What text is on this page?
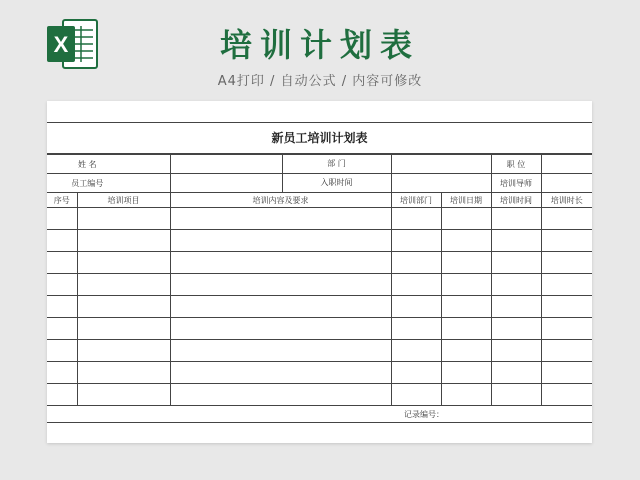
X	培训计划表
A4打印 / 自动公式 / 内容可修改
新员工培训计划表
姓 名		部 门			职 位	
员工编号		入职时间			培训导师	
序号	培训项目	培训内容及要求	培训部门	培训日期	培训时间	培训时长

记录编号：						
